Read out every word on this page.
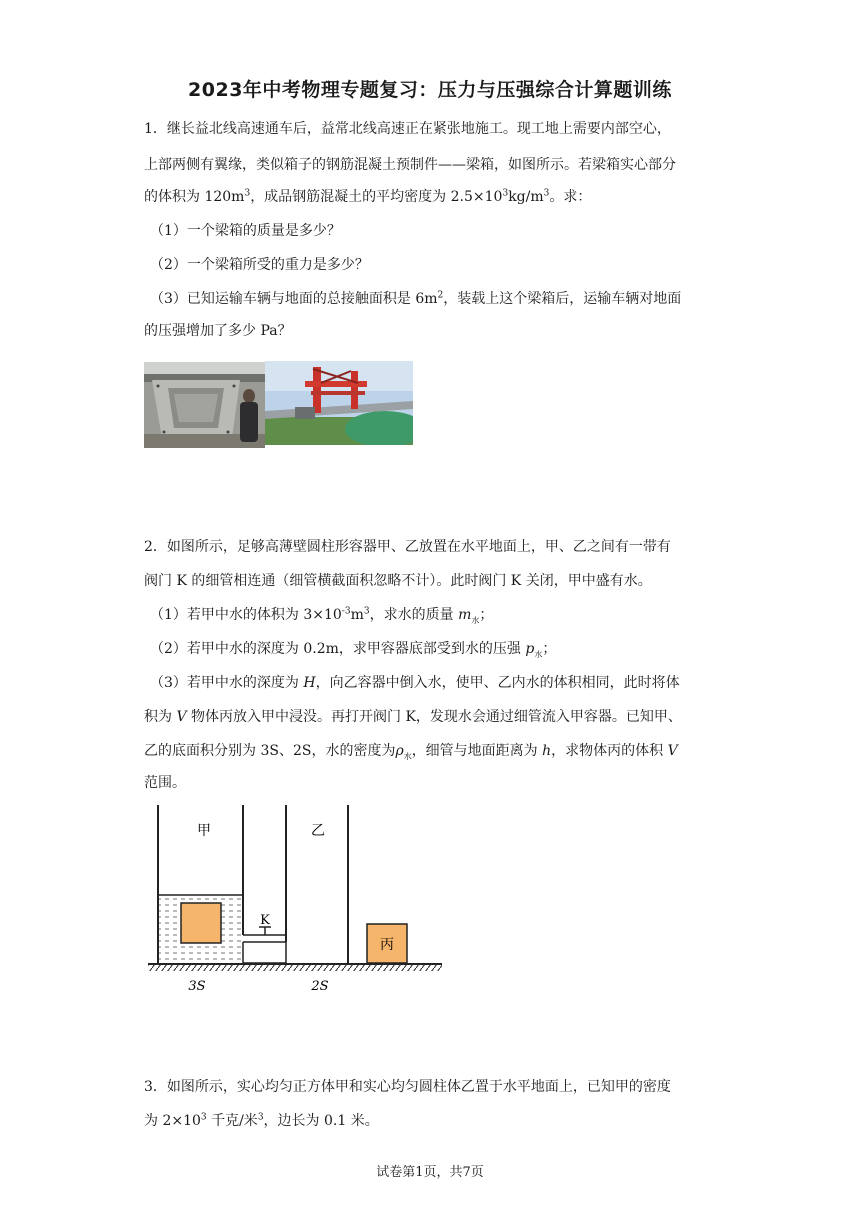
2023年中考物理专题复习：压力与压强综合计算题训练
1．继长益北线高速通车后，益常北线高速正在紧张地施工。现工地上需要内部空心，
上部两侧有翼缘，类似箱子的钢筋混凝土预制件——梁箱，如图所示。若梁箱实心部分
的体积为 $120m^3$，成品钢筋混凝土的平均密度为 $2.5\times 10^3kg/m^3$。求：
（1）一个梁箱的质量是多少？
（2）一个梁箱所受的重力是多少？
（3）已知运输车辆与地面的总接触面积是 $6m^2$，装载上这个梁箱后，运输车辆对地面
的压强增加了多少 Pa？
2．如图所示，足够高薄壁圆柱形容器甲、乙放置在水平地面上，甲、乙之间有一带有
阀门 K 的细管相连通（细管横截面积忽略不计）。此时阀门 K 关闭，甲中盛有水。
（1）若甲中水的体积为 $3\times 10^{-3}m^3$，求水的质量 $m_水$；
（2）若甲中水的深度为 0.2m，求甲容器底部受到水的压强 $p_水$；
（3）若甲中水的深度为 H，向乙容器中倒入水，使甲、乙内水的体积相同，此时将体
积为 V 物体丙放入甲中浸没。再打开阀门 K，发现水会通过细管流入甲容器。已知甲、
乙的底面积分别为 3S、2S，水的密度为$\rho_水$，细管与地面距离为 h，求物体丙的体积 V
范围。
甲	乙
K
丙
3S	2S
3．如图所示，实心均匀正方体甲和实心均匀圆柱体乙置于水平地面上，已知甲的密度
为 $2\times 10^3$ 千克/米$^3$，边长为 0.1 米。
试卷第1页，共7页
